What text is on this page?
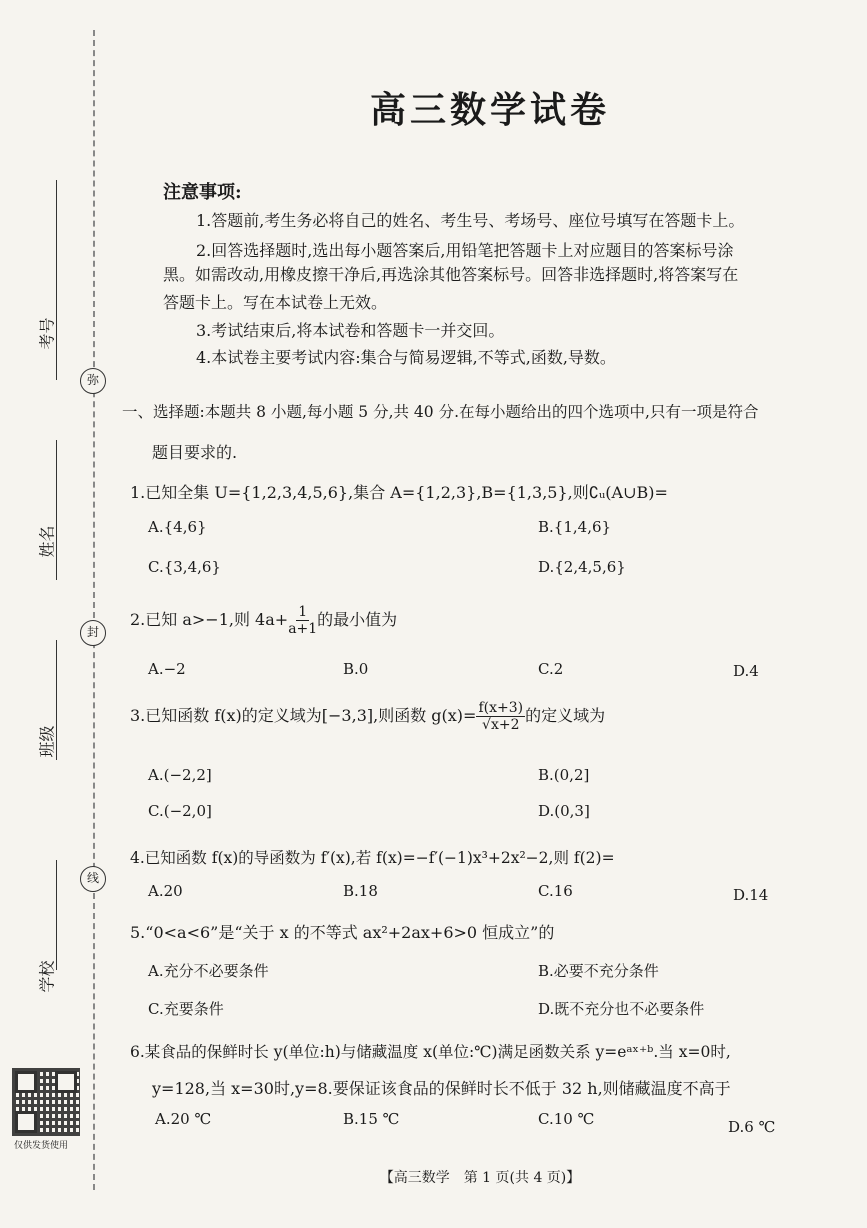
考号
姓名
班级
学校
弥
封
线
仅供发货使用
高三数学试卷
注意事项:
1.答题前,考生务必将自己的姓名、考生号、考场号、座位号填写在答题卡上。
2.回答选择题时,选出每小题答案后,用铅笔把答题卡上对应题目的答案标号涂
黑。如需改动,用橡皮擦干净后,再选涂其他答案标号。回答非选择题时,将答案写在
答题卡上。写在本试卷上无效。
3.考试结束后,将本试卷和答题卡一并交回。
4.本试卷主要考试内容:集合与简易逻辑,不等式,函数,导数。
一、选择题:本题共 8 小题,每小题 5 分,共 40 分.在每小题给出的四个选项中,只有一项是符合
题目要求的.
1.已知全集 U={1,2,3,4,5,6},集合 A={1,2,3},B={1,3,5},则∁ᵤ(A∪B)=
A.{4,6}	B.{1,4,6}
C.{3,4,6}	D.{2,4,5,6}
2.已知 a>−1,则 $4a+ \frac{1}{a+1}$ 的最小值为
A.−2	B.0	C.2	D.4
3.已知函数 f(x)的定义域为[−3,3],则函数 $g(x)= \frac{f(x+3)}{√x+2}$ 的定义域为
A.(−2,2]	B.(0,2]
C.(−2,0]	D.(0,3]
4.已知函数 f(x)的导函数为 f′(x),若 f(x)=−f′(−1)x³+2x²−2,则 f(2)=
A.20	B.18	C.16	D.14
5.“0<a<6”是“关于 x 的不等式 ax²+2ax+6>0 恒成立”的
A.充分不必要条件	B.必要不充分条件
C.充要条件	D.既不充分也不必要条件
6.某食品的保鲜时长 y(单位:h)与储藏温度 x(单位:℃)满足函数关系 y=eᵃˣ⁺ᵇ.当 x=0时,
y=128,当 x=30时,y=8.要保证该食品的保鲜时长不低于 32 h,则储藏温度不高于
A.20 ℃	B.15 ℃	C.10 ℃	D.6 ℃
【高三数学　第 1 页(共 4 页)】
